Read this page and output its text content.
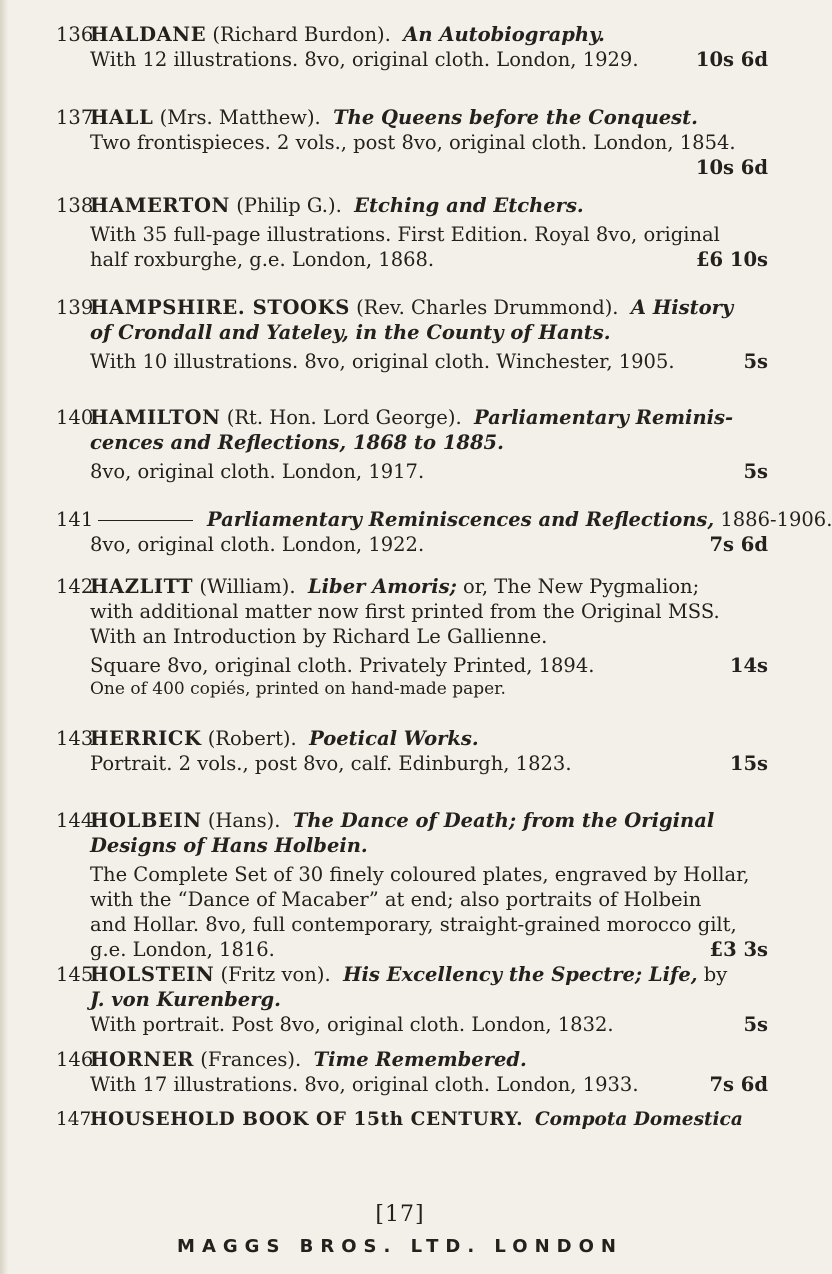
136HALDANE (Richard Burdon). An Autobiography.
With 12 illustrations. 8vo, original cloth. London, 1929.	10s 6d
137HALL (Mrs. Matthew). The Queens before the Conquest.
Two frontispieces. 2 vols., post 8vo, original cloth. London, 1854.
10s 6d
138HAMERTON (Philip G.). Etching and Etchers.
With 35 full-page illustrations. First Edition. Royal 8vo, original
half roxburghe, g.e. London, 1868.	£6 10s
139HAMPSHIRE. STOOKS (Rev. Charles Drummond). A History
of Crondall and Yateley, in the County of Hants.
With 10 illustrations. 8vo, original cloth. Winchester, 1905.	5s
140HAMILTON (Rt. Hon. Lord George). Parliamentary Reminis-
cences and Reflections, 1868 to 1885.
8vo, original cloth. London, 1917.	5s
141	Parliamentary Reminiscences and Reflections, 1886-1906.
8vo, original cloth. London, 1922.	7s 6d
142HAZLITT (William). Liber Amoris; or, The New Pygmalion;
with additional matter now first printed from the Original MSS.
With an Introduction by Richard Le Gallienne.
Square 8vo, original cloth. Privately Printed, 1894.	14s
One of 400 copiés, printed on hand-made paper.
143HERRICK (Robert). Poetical Works.
Portrait. 2 vols., post 8vo, calf. Edinburgh, 1823.	15s
144HOLBEIN (Hans). The Dance of Death; from the Original
Designs of Hans Holbein.
The Complete Set of 30 finely coloured plates, engraved by Hollar,
with the “Dance of Macaber” at end; also portraits of Holbein
and Hollar. 8vo, full contemporary, straight-grained morocco gilt,
g.e. London, 1816.	£3 3s
145HOLSTEIN (Fritz von). His Excellency the Spectre; Life, by
J. von Kurenberg.
With portrait. Post 8vo, original cloth. London, 1832.	5s
146HORNER (Frances). Time Remembered.
With 17 illustrations. 8vo, original cloth. London, 1933.	7s 6d
147HOUSEHOLD BOOK OF 15th CENTURY. Compota Domestica
[17]
MAGGS BROS. LTD. LONDON
